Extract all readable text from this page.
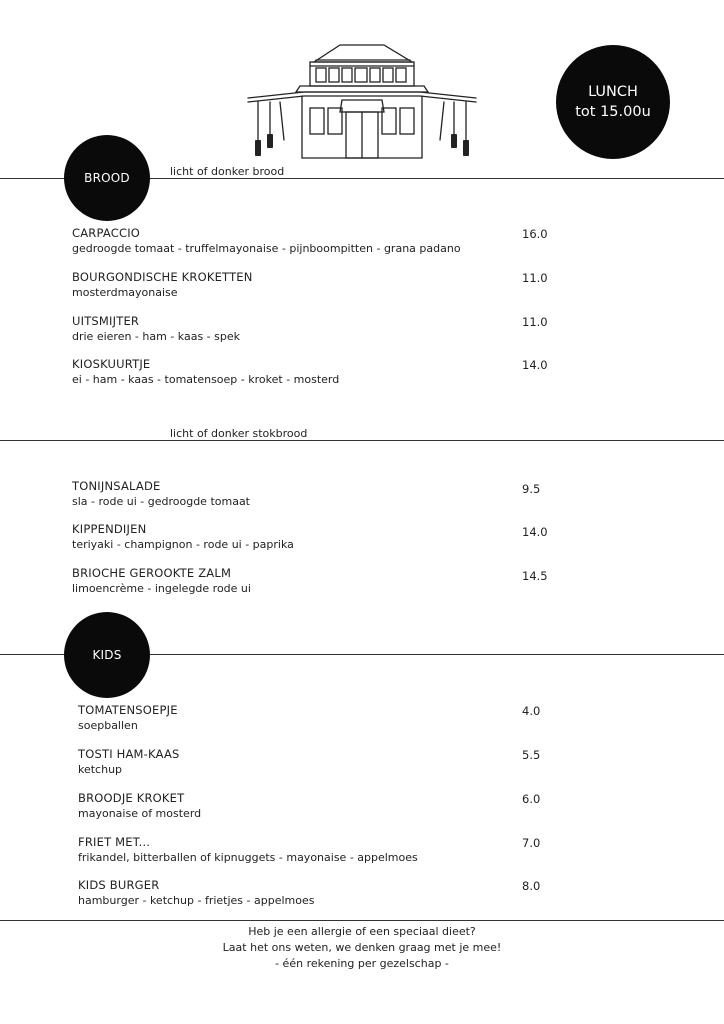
LUNCH
tot 15.00u
BROOD	licht of donker brood
CARPACCIO
gedroogde tomaat - truffelmayonaise - pijnboompitten - grana padano
16.0
BOURGONDISCHE KROKETTEN
mosterdmayonaise
11.0
UITSMIJTER
drie eieren - ham - kaas - spek
11.0
KIOSKUURTJE
ei - ham - kaas - tomatensoep - kroket - mosterd
14.0
licht of donker stokbrood
TONIJNSALADE
sla - rode ui - gedroogde tomaat
9.5
KIPPENDIJEN
teriyaki - champignon - rode ui - paprika
14.0
BRIOCHE GEROOKTE ZALM
limoencrème - ingelegde rode ui
14.5
KIDS
TOMATENSOEPJE
soepballen
4.0
TOSTI HAM-KAAS
ketchup
5.5
BROODJE KROKET
mayonaise of mosterd
6.0
FRIET MET...
frikandel, bitterballen of kipnuggets - mayonaise - appelmoes
7.0
KIDS BURGER
hamburger - ketchup - frietjes - appelmoes
8.0
Heb je een allergie of een speciaal dieet?
Laat het ons weten, we denken graag met je mee!
- één rekening per gezelschap -
